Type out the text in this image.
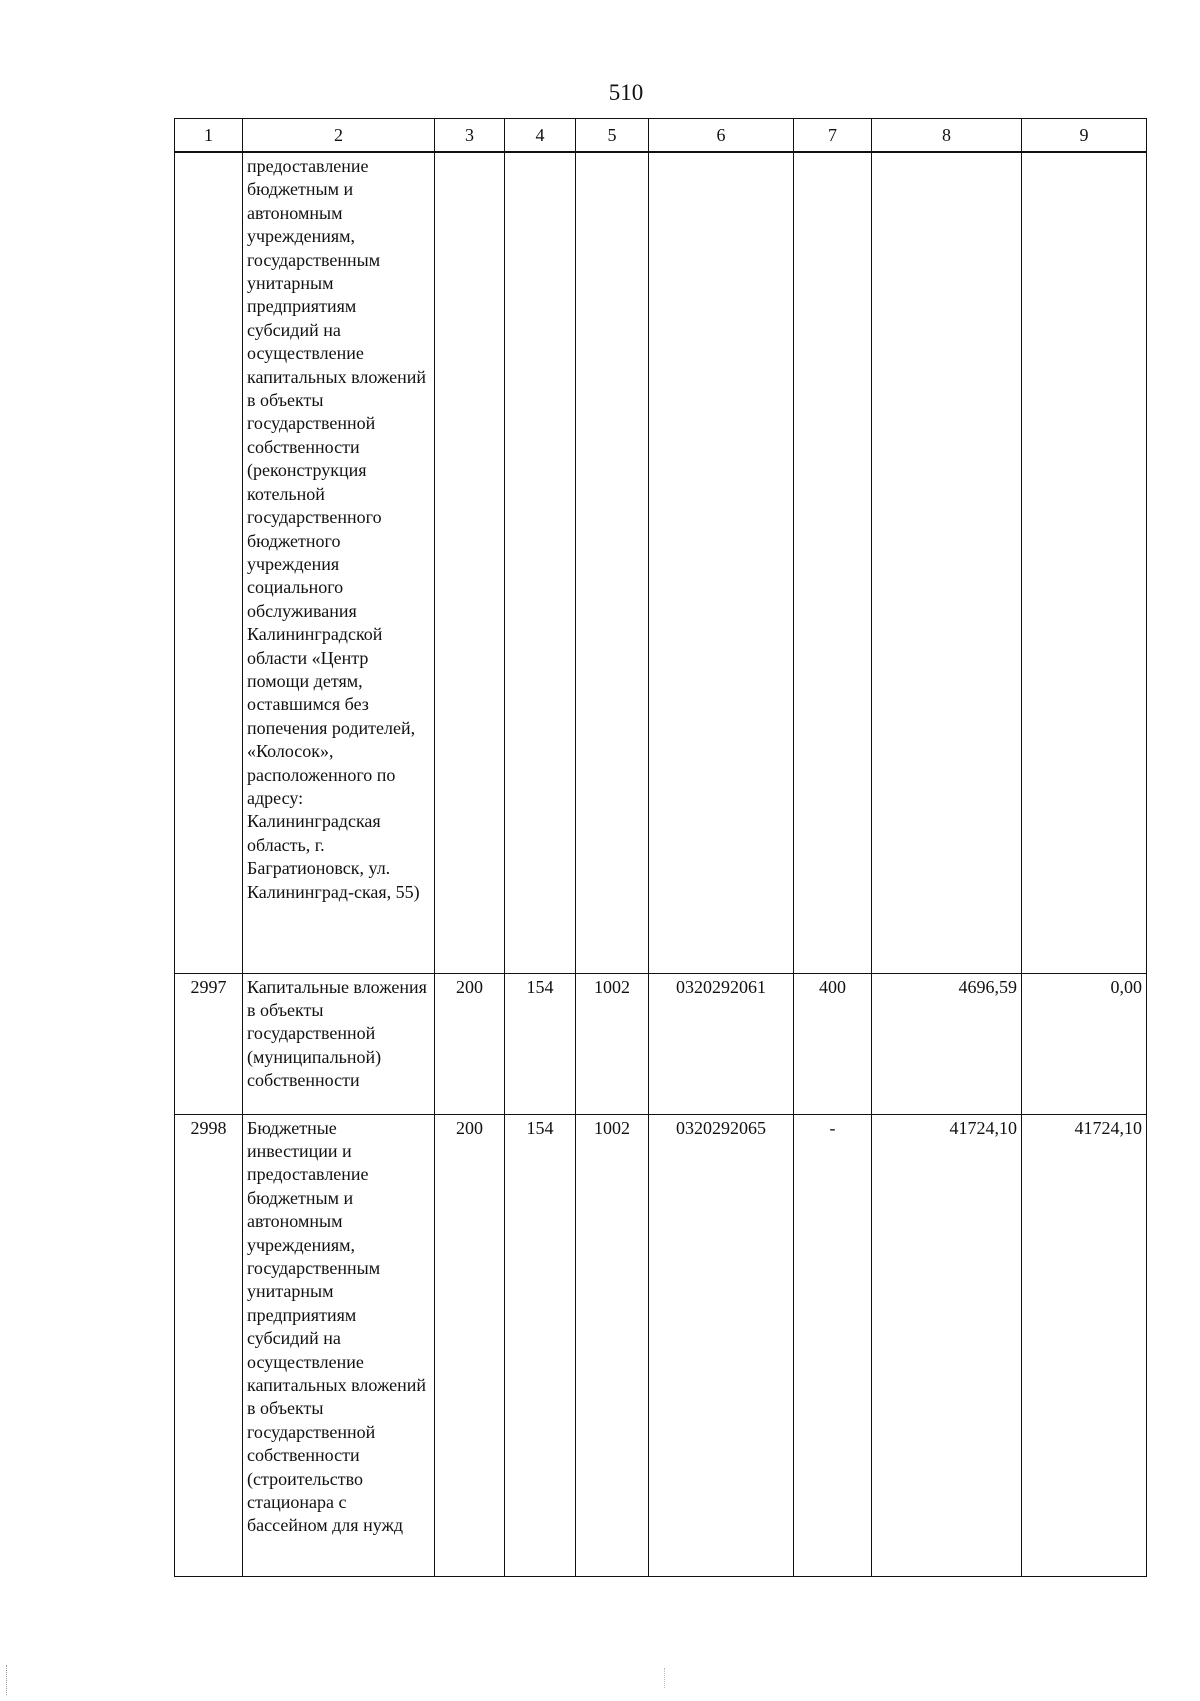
510
1	2	3	4	5	6	7	8	9
	предоставление бюджетным и автономным учреждениям, государственным унитарным предприятиям субсидий на осуществление капитальных вложений в объекты государственной собственности (реконструкция котельной государственного бюджетного учреждения социального обслуживания Калининградской области «Центр помощи детям, оставшимся без попечения родителей, «Колосок», расположенного по адресу: Калининградская область, г. Багратионовск, ул. Калининград-ская, 55)							
2997	Капитальные вложения в объекты государственной (муниципальной) собственности	200	154	1002	0320292061	400	4696,59	0,00
2998	Бюджетные инвестиции и предоставление бюджетным и автономным учреждениям, государственным унитарным предприятиям субсидий на осуществление капитальных вложений в объекты государственной собственности (строительство стационара с бассейном для нужд	200	154	1002	0320292065	-	41724,10	41724,10
